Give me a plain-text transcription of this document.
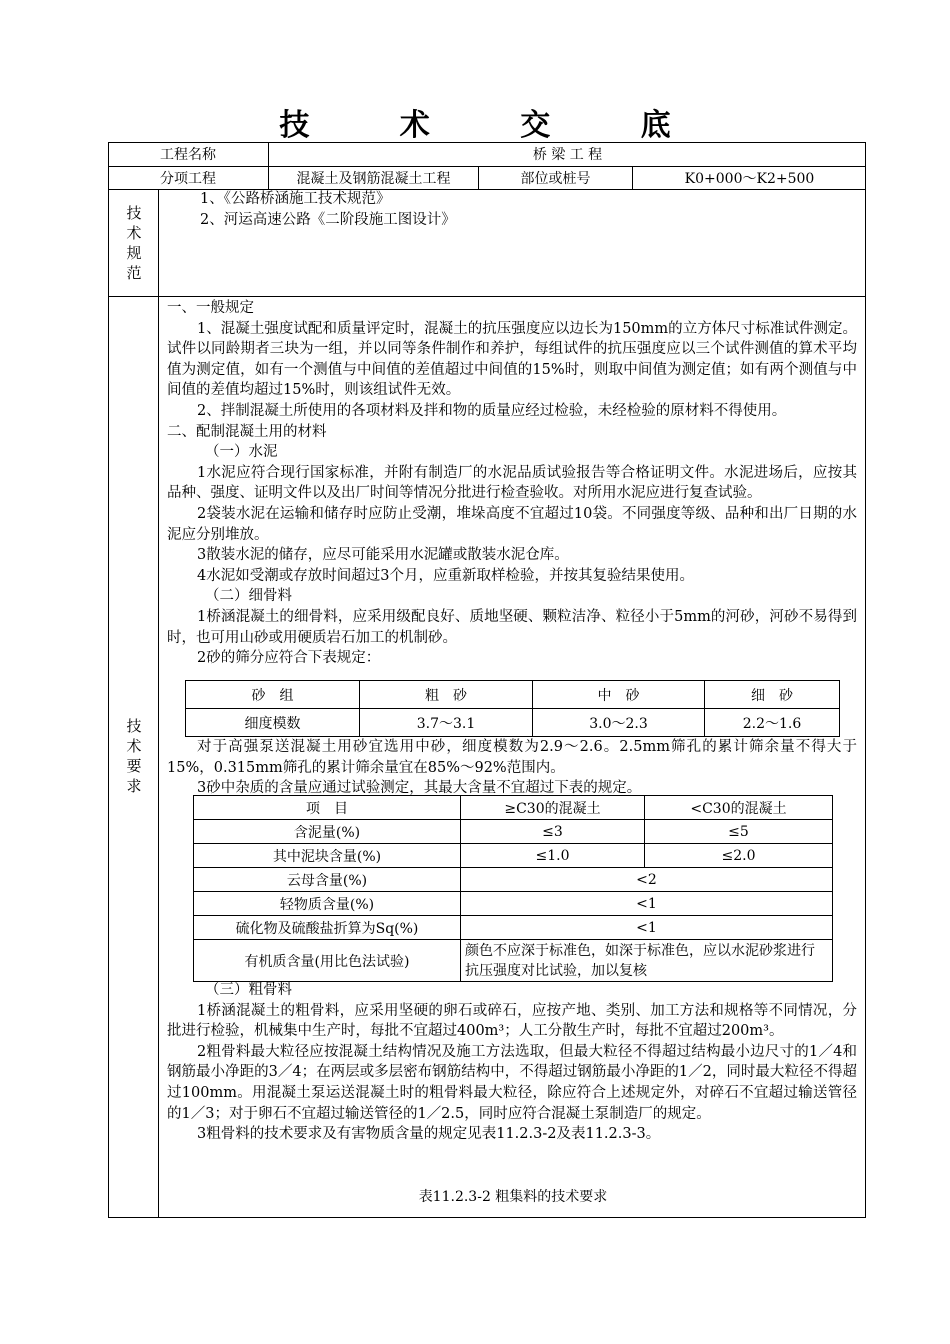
技 术 交 底
工程名称	桥 梁 工 程
分项工程	混凝土及钢筋混凝土工程	部位或桩号	K0+000～K2+500
技术规范

1、《公路桥涵施工技术规范》

2、河运高速公路《二阶段施工图设计》

技术要求

一、一般规定

1、混凝土强度试配和质量评定时，混凝土的抗压强度应以边长为150mm的立方体尺寸标准试件测定。试件以同龄期者三块为一组，并以同等条件制作和养护，每组试件的抗压强度应以三个试件测值的算术平均值为测定值，如有一个测值与中间值的差值超过中间值的15%时，则取中间值为测定值；如有两个测值与中间值的差值均超过15%时，则该组试件无效。

2、拌制混凝土所使用的各项材料及拌和物的质量应经过检验，未经检验的原材料不得使用。

二、配制混凝土用的材料

（一）水泥

1水泥应符合现行国家标准，并附有制造厂的水泥品质试验报告等合格证明文件。水泥进场后，应按其品种、强度、证明文件以及出厂时间等情况分批进行检查验收。对所用水泥应进行复查试验。

2袋装水泥在运输和储存时应防止受潮，堆垛高度不宜超过10袋。不同强度等级、品种和出厂日期的水泥应分别堆放。

3散装水泥的储存，应尽可能采用水泥罐或散装水泥仓库。

4水泥如受潮或存放时间超过3个月，应重新取样检验，并按其复验结果使用。

（二）细骨料

1桥涵混凝土的细骨料，应采用级配良好、质地坚硬、颗粒洁净、粒径小于5mm的河砂，河砂不易得到时，也可用山砂或用硬质岩石加工的机制砂。

2砂的筛分应符合下表规定：

砂　组	粗　砂	中　砂	细　砂
细度模数	3.7～3.1	3.0～2.3	2.2～1.6

对于高强泵送混凝土用砂宜选用中砂，细度模数为2.9～2.6。2.5mm筛孔的累计筛余量不得大于15%，0.315mm筛孔的累计筛余量宜在85%～92%范围内。

3砂中杂质的含量应通过试验测定，其最大含量不宜超过下表的规定。

项　目	≥C30的混凝土	<C30的混凝土
含泥量(%)	≤3	≤5
其中泥块含量(%)	≤1.0	≤2.0
云母含量(%)	<2	
轻物质含量(%)	<1	
硫化物及硫酸盐折算为Sq(%)	<1	
有机质含量(用比色法试验)	颜色不应深于标准色，如深于标准色，应以水泥砂浆进行抗压强度对比试验，加以复核	

（三）粗骨料

1桥涵混凝土的粗骨料，应采用坚硬的卵石或碎石，应按产地、类别、加工方法和规格等不同情况，分批进行检验，机械集中生产时，每批不宜超过400m³；人工分散生产时，每批不宜超过200m³。

2粗骨料最大粒径应按混凝土结构情况及施工方法选取，但最大粒径不得超过结构最小边尺寸的1／4和钢筋最小净距的3／4；在两层或多层密布钢筋结构中，不得超过钢筋最小净距的1／2，同时最大粒径不得超过100mm。用混凝土泵运送混凝土时的粗骨料最大粒径，除应符合上述规定外，对碎石不宜超过输送管径的1／3；对于卵石不宜超过输送管径的1／2.5，同时应符合混凝土泵制造厂的规定。

3粗骨料的技术要求及有害物质含量的规定见表11.2.3-2及表11.2.3-3。

表11.2.3-2 粗集料的技术要求
